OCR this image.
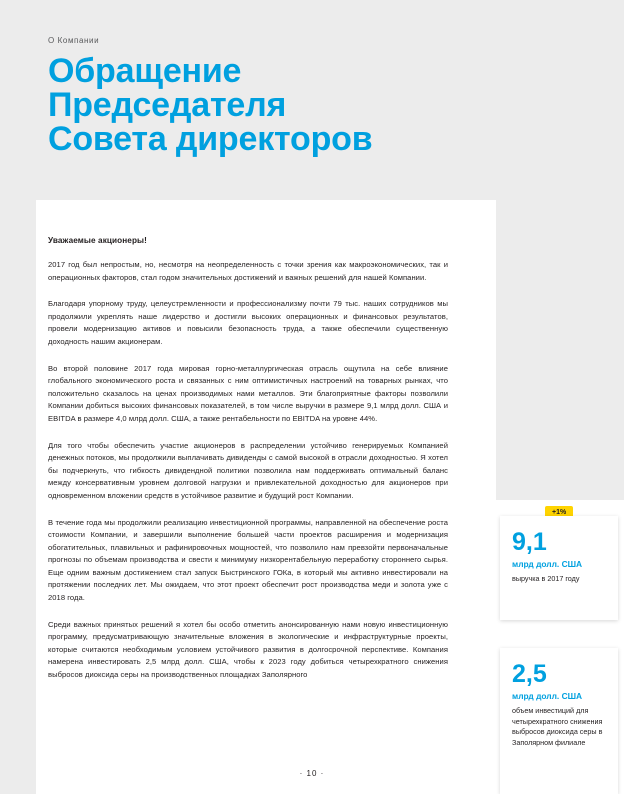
О Компании
Обращение
Председателя
Совета директоров

Уважаемые акционеры!

2017 год был непростым, но, несмотря на неопределенность с точки зрения как макроэкономических, так и операционных факторов, стал годом значительных достижений и важных решений для нашей Компании.

Благодаря упорному труду, целеустремленности и профессионализму почти 79 тыс. наших сотрудников мы продолжили укреплять наше лидерство и достигли высоких операционных и финансовых результатов, провели модернизацию активов и повысили безопасность труда, а также обеспечили существенную доходность нашим акционерам.

Во второй половине 2017 года мировая горно-металлургическая отрасль ощутила на себе влияние глобального экономического роста и связанных с ним оптимистичных настроений на товарных рынках, что положительно сказалось на ценах производимых нами металлов. Эти благоприятные факторы позволили Компании добиться высоких финансовых показателей, в том числе выручки в размере 9,1 млрд долл. США и EBITDA в размере 4,0 млрд долл. США, а также рентабельности по EBITDA на уровне 44%.

Для того чтобы обеспечить участие акционеров в распределении устойчиво генерируемых Компанией денежных потоков, мы продолжили выплачивать дивиденды с самой высокой в отрасли доходностью. Я хотел бы подчеркнуть, что гибкость дивидендной политики позволила нам поддерживать оптимальный баланс между консервативным уровнем долговой нагрузки и привлекательной доходностью для акционеров при одновременном вложении средств в устойчивое развитие и будущий рост Компании.

В течение года мы продолжили реализацию инвестиционной программы, направленной на обеспечение роста стоимости Компании, и завершили выполнение большей части проектов расширения и модернизация обогатительных, плавильных и рафинировочных мощностей, что позволило нам превзойти первоначальные прогнозы по объемам производства и свести к минимуму низкорентабельную переработку стороннего сырья. Еще одним важным достижением стал запуск Быстринского ГОКа, в который мы активно инвестировали на протяжении последних лет. Мы ожидаем, что этот проект обеспечит рост производства меди и золота уже с 2018 года.

Среди важных принятых решений я хотел бы особо отметить анонсированную нами новую инвестиционную программу, предусматривающую значительные вложения в экологические и инфраструктурные проекты, которые считаются необходимым условием устойчивого развития в долгосрочной перспективе. Компания намерена инвестировать 2,5 млрд долл. США, чтобы к 2023 году добиться четырехкратного снижения выбросов диоксида серы на производственных площадках Заполярного

+1%
9,1
млрд долл. США
выручка в 2017 году
2,5
млрд долл. США
объем инвестиций для четырехкратного снижения выбросов диоксида серы в Заполярном филиале
· 10 ·
